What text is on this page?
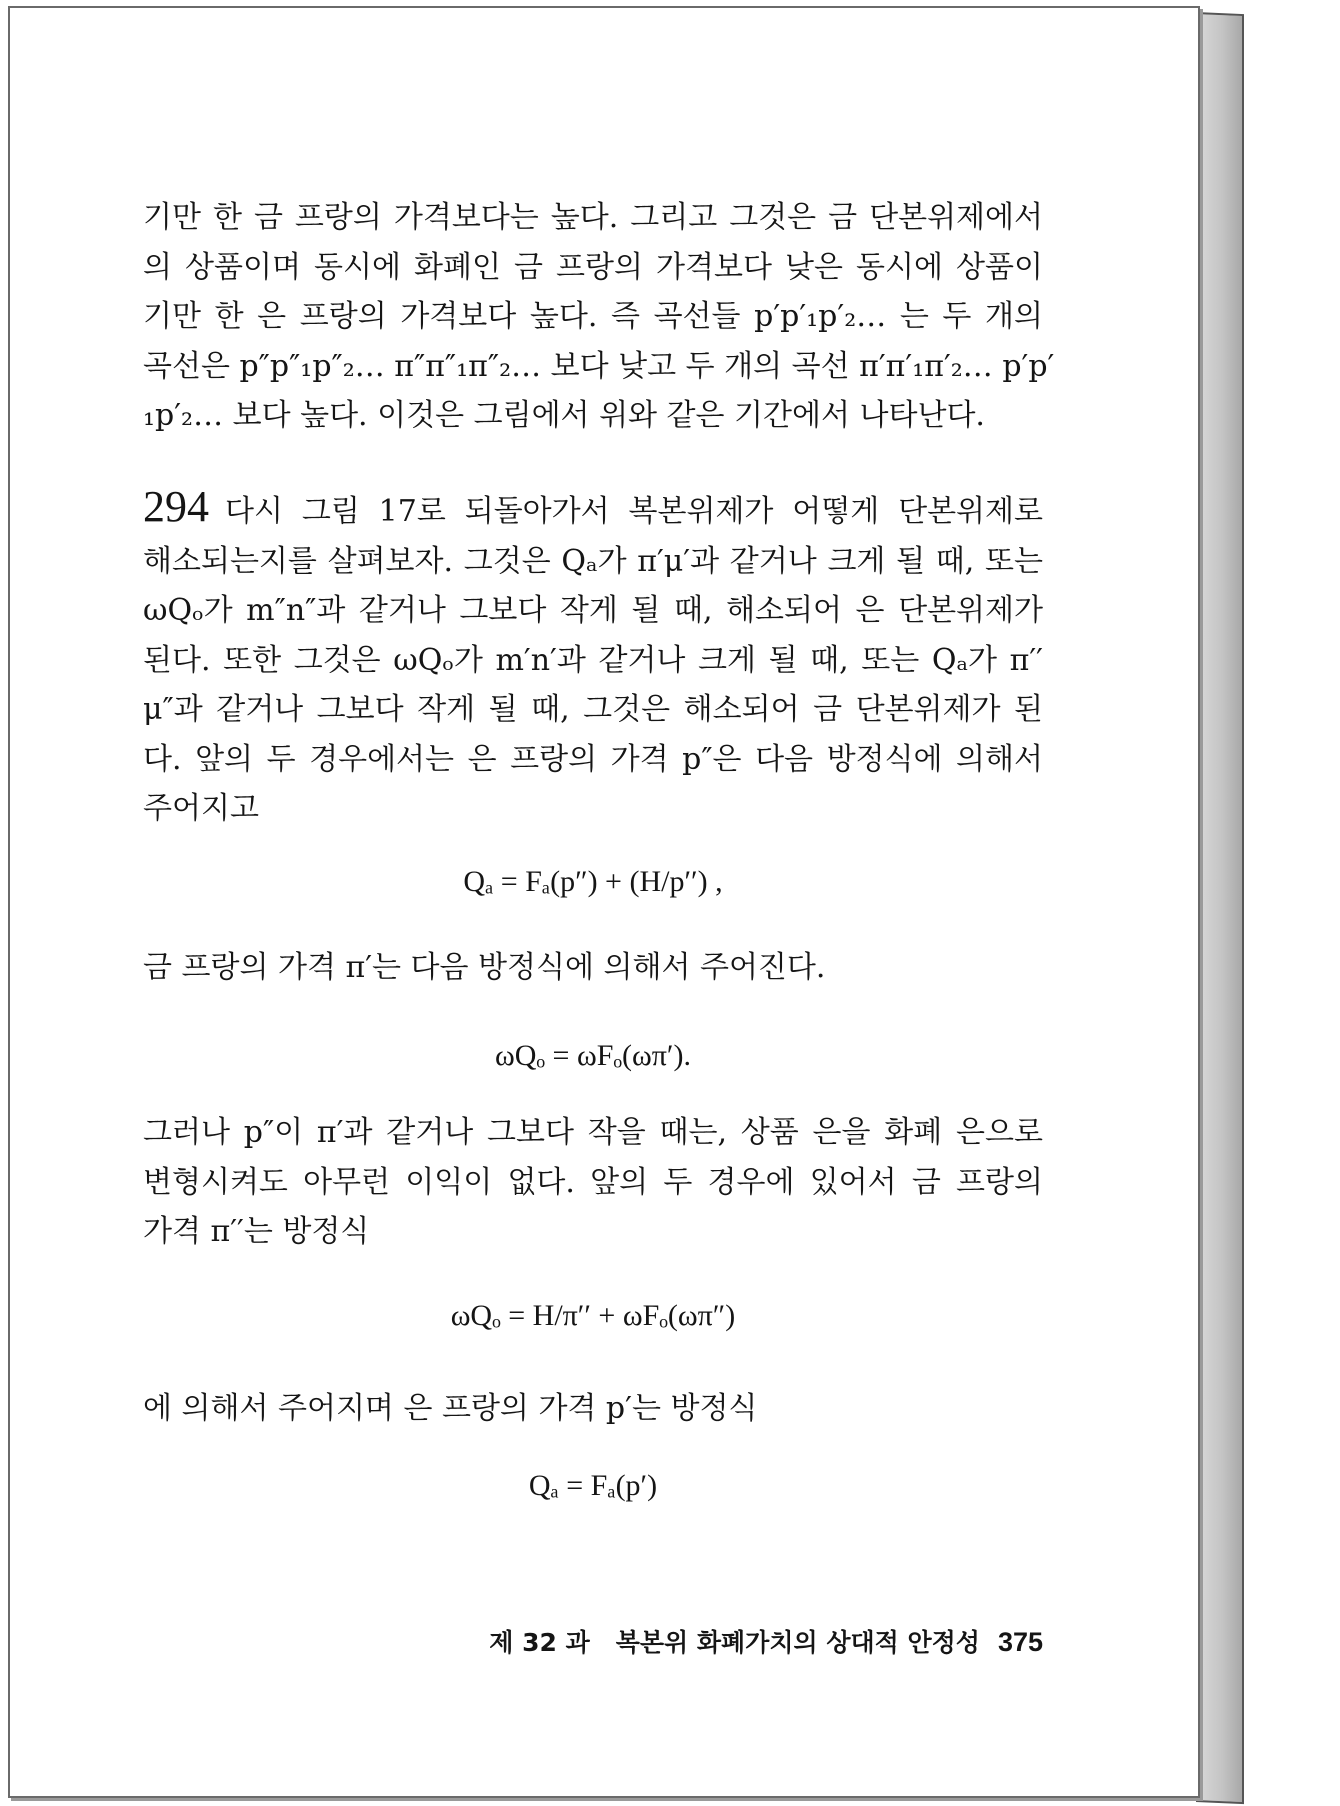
기만 한 금 프랑의 가격보다는 높다. 그리고 그것은 금 단본위제에서
의 상품이며 동시에 화폐인 금 프랑의 가격보다 낮은 동시에 상품이
기만 한 은 프랑의 가격보다 높다. 즉 곡선들 p′p′₁p′₂… 는 두 개의
곡선은 p″p″₁p″₂… π″π″₁π″₂… 보다 낮고 두 개의 곡선 π′π′₁π′₂… p′p′
₁p′₂… 보다 높다. 이것은 그림에서 위와 같은 기간에서 나타난다.
294 다시 그림 17로 되돌아가서 복본위제가 어떻게 단본위제로
해소되는지를 살펴보자. 그것은 Qₐ가 π′μ′과 같거나 크게 될 때, 또는
ωQₒ가 m″n″과 같거나 그보다 작게 될 때, 해소되어 은 단본위제가
된다. 또한 그것은 ωQₒ가 m′n′과 같거나 크게 될 때, 또는 Qₐ가 π′′
μ″과 같거나 그보다 작게 될 때, 그것은 해소되어 금 단본위제가 된
다. 앞의 두 경우에서는 은 프랑의 가격 p″은 다음 방정식에 의해서
주어지고

Qₐ = Fₐ(p″) + (H/p′′) ,

금 프랑의 가격 π′는 다음 방정식에 의해서 주어진다.

ωQₒ = ωFₒ(ωπ′).

그러나 p″이 π′과 같거나 그보다 작을 때는, 상품 은을 화폐 은으로
변형시켜도 아무런 이익이 없다. 앞의 두 경우에 있어서 금 프랑의
가격 π′′는 방정식

ωQₒ = H/π′′ + ωFₒ(ωπ″)

에 의해서 주어지며 은 프랑의 가격 p′는 방정식

Qₐ = Fₐ(p′)

제 32 과 복본위 화폐가치의 상대적 안정성 375
